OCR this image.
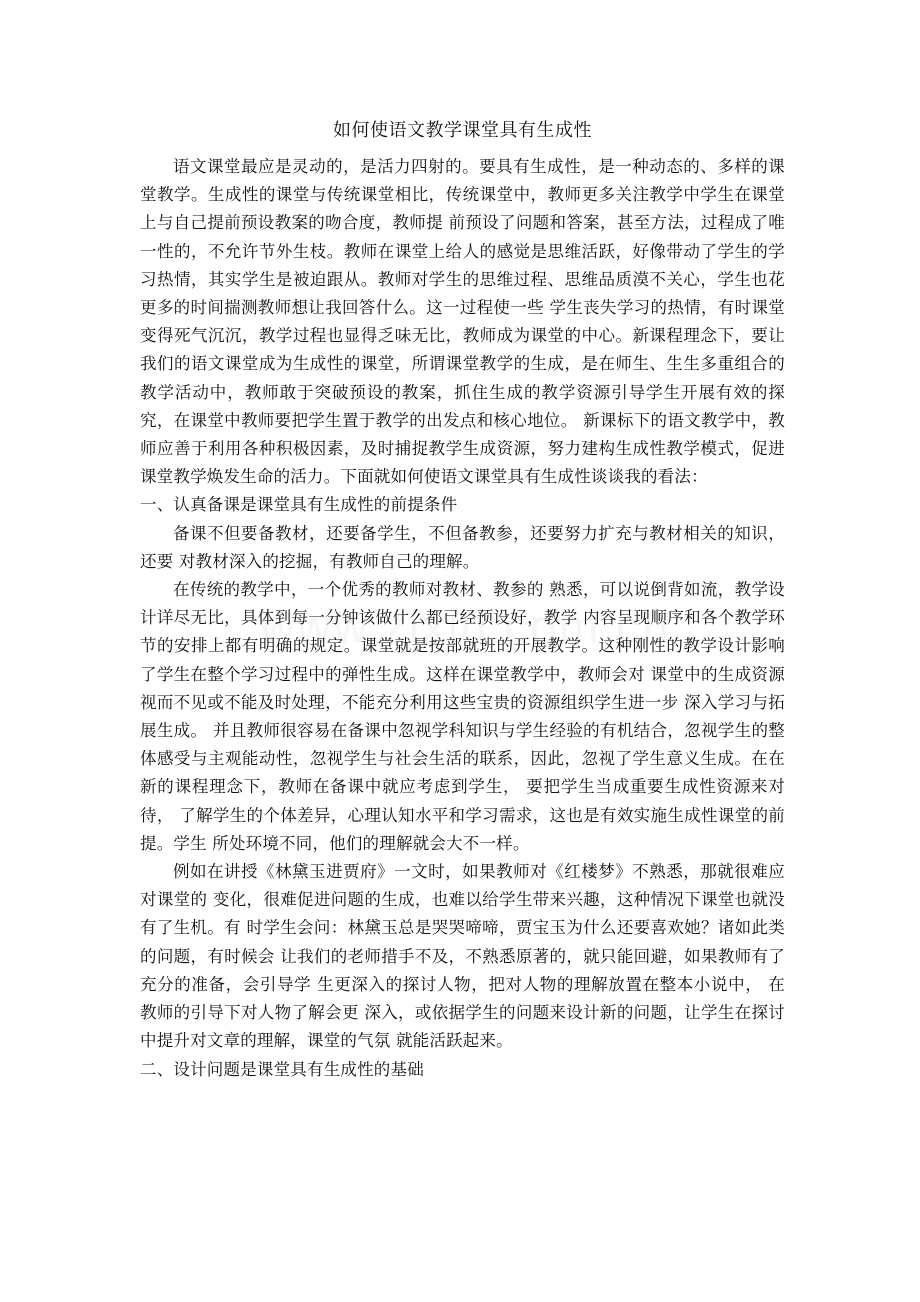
如何使语文教学课堂具有生成性

语文课堂最应是灵动的，是活力四射的。要具有生成性，是一种动态的、多样的课堂教学。生成性的课堂与传统课堂相比，传统课堂中，教师更多关注教学中学生在课堂上与自己提前预设教案的吻合度，教师提 前预设了问题和答案，甚至方法，过程成了唯一性的，不允许节外生枝。教师在课堂上给人的感觉是思维活跃，好像带动了学生的学习热情，其实学生是被迫跟从。教师对学生的思维过程、思维品质漠不关心，学生也花更多的时间揣测教师想让我回答什么。这一过程使一些 学生丧失学习的热情，有时课堂变得死气沉沉，教学过程也显得乏味无比，教师成为课堂的中心。新课程理念下，要让我们的语文课堂成为生成性的课堂，所谓课堂教学的生成，是在师生、生生多重组合的教学活动中，教师敢于突破预设的教案，抓住生成的教学资源引导学生开展有效的探究，在课堂中教师要把学生置于教学的出发点和核心地位。 新课标下的语文教学中，教师应善于利用各种积极因素，及时捕捉教学生成资源，努力建构生成性教学模式，促进 课堂教学焕发生命的活力。下面就如何使语文课堂具有生成性谈谈我的看法：

一、认真备课是课堂具有生成性的前提条件

备课不但要备教材，还要备学生，不但备教参，还要努力扩充与教材相关的知识，还要 对教材深入的挖掘，有教师自己的理解。

在传统的教学中，一个优秀的教师对教材、教参的 熟悉，可以说倒背如流，教学设计详尽无比，具体到每一分钟该做什么都已经预设好，教学 内容呈现顺序和各个教学环节的安排上都有明确的规定。课堂就是按部就班的开展教学。这种刚性的教学设计影响了学生在整个学习过程中的弹性生成。这样在课堂教学中，教师会对 课堂中的生成资源视而不见或不能及时处理，不能充分利用这些宝贵的资源组织学生进一步 深入学习与拓展生成。 并且教师很容易在备课中忽视学科知识与学生经验的有机结合，忽视学生的整体感受与主观能动性，忽视学生与社会生活的联系，因此，忽视了学生意义生成。在在新的课程理念下，教师在备课中就应考虑到学生， 要把学生当成重要生成性资源来对待， 了解学生的个体差异，心理认知水平和学习需求，这也是有效实施生成性课堂的前提。学生 所处环境不同，他们的理解就会大不一样。

例如在讲授《林黛玉进贾府》一文时，如果教师对《红楼梦》不熟悉，那就很难应对课堂的 变化，很难促进问题的生成，也难以给学生带来兴趣，这种情况下课堂也就没有了生机。有 时学生会问：林黛玉总是哭哭啼啼，贾宝玉为什么还要喜欢她？诸如此类的问题，有时候会 让我们的老师措手不及，不熟悉原著的，就只能回避，如果教师有了充分的准备，会引导学 生更深入的探讨人物，把对人物的理解放置在整本小说中， 在教师的引导下对人物了解会更 深入，或依据学生的问题来设计新的问题，让学生在探讨中提升对文章的理解，课堂的气氛 就能活跃起来。

二、设计问题是课堂具有生成性的基础
